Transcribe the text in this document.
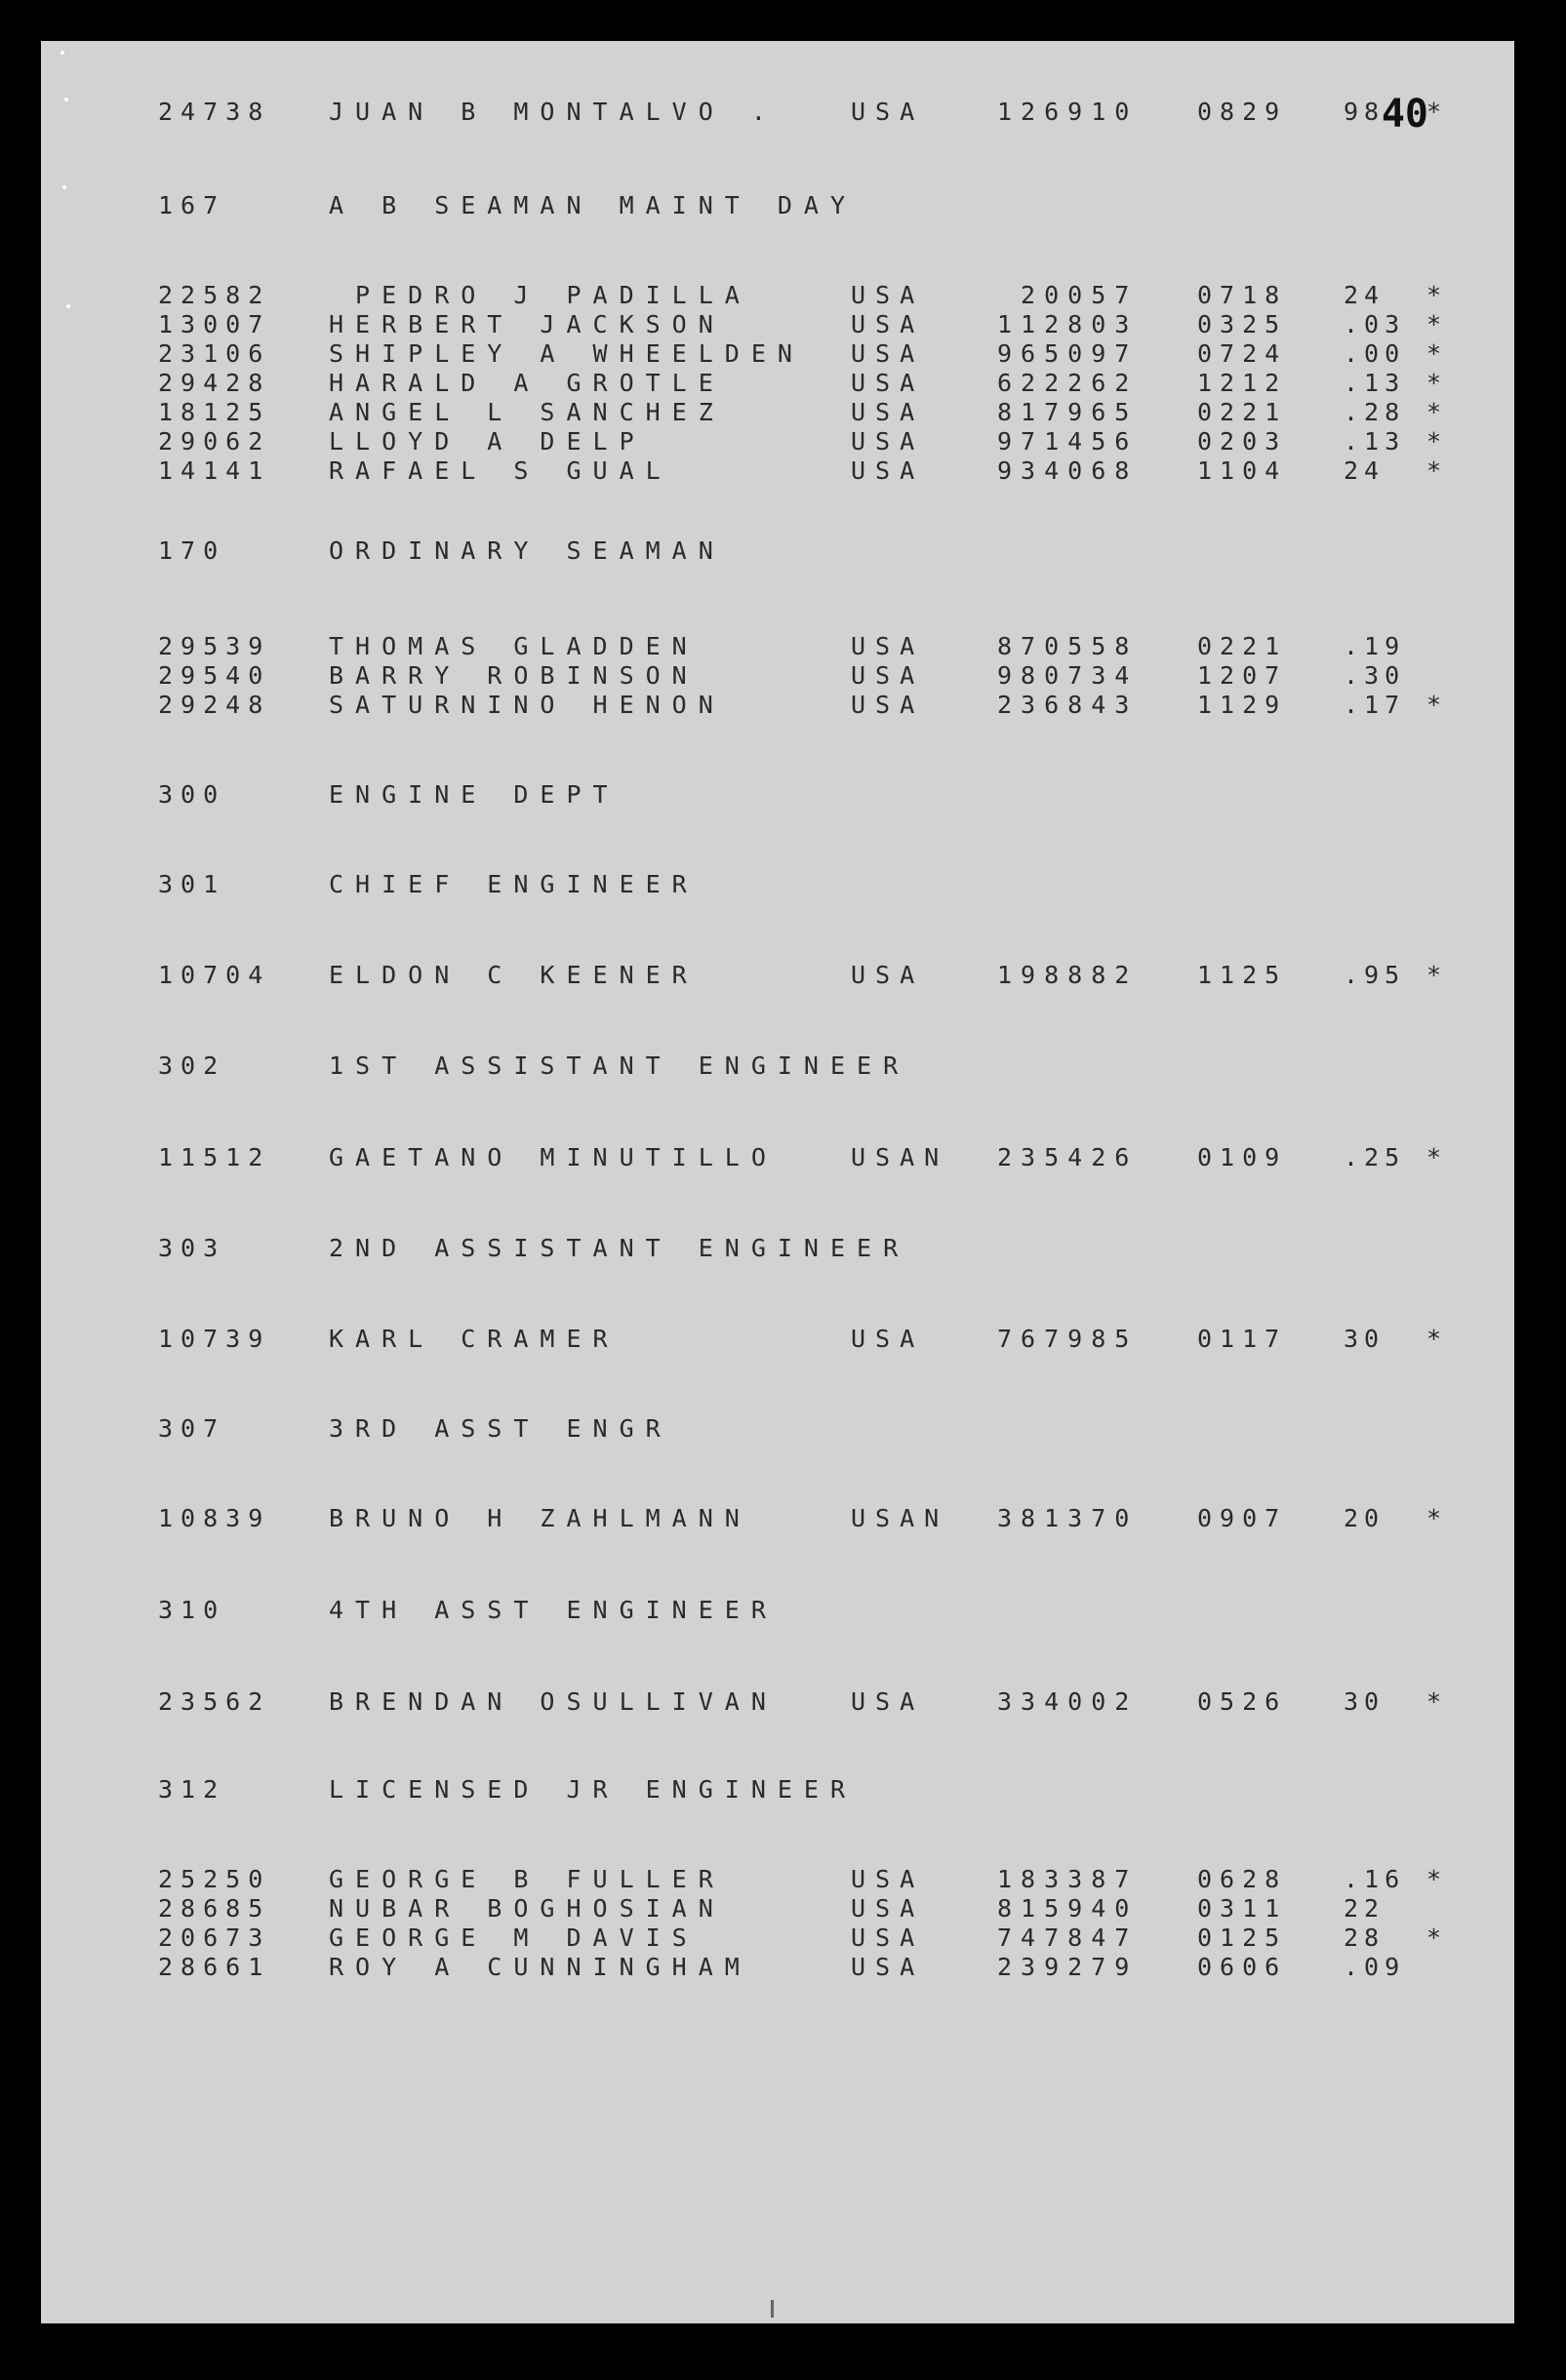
40
24738 JUAN B MONTALVO .	USA	126910 0829 98 *
167	A B SEAMAN MAINT DAY
22582 PEDRO J PADILLA	USA	20057 0718 24 *
13007 HERBERT JACKSON	USA	112803 0325 .03 *
23106 SHIPLEY A WHEELDEN USA	965097 0724 .00 *
29428 HARALD A GROTLE	USA	622262 1212 .13 *
18125 ANGEL L SANCHEZ	USA	817965 0221 .28 *
29062 LLOYD A DELP	USA	971456 0203 .13 *
14141 RAFAEL S GUAL	USA	934068 1104 24 *
170	ORDINARY SEAMAN
29539 THOMAS GLADDEN	USA	870558 0221 .19
29540 BARRY ROBINSON	USA	980734 1207 .30
29248 SATURNINO HENON	USA	236843 1129 .17 *
300	ENGINE DEPT
301	CHIEF ENGINEER
10704 ELDON C KEENER	USA	198882 1125 .95 *
302	1ST ASSISTANT ENGINEER
11512 GAETANO MINUTILLO	USAN 235426 0109 .25 *
303	2ND ASSISTANT ENGINEER
10739 KARL CRAMER	USA	767985 0117 30 *
307	3RD ASST ENGR
10839 BRUNO H ZAHLMANN	USAN 381370 0907 20 *
310	4TH ASST ENGINEER
23562 BRENDAN OSULLIVAN	USA	334002 0526 30 *
312	LICENSED JR ENGINEER
25250 GEORGE B FULLER	USA	183387 0628 .16 *
28685 NUBAR BOGHOSIAN	USA	815940 0311 22
20673 GEORGE M DAVIS	USA	747847 0125 28 *
28661 ROY A CUNNINGHAM	USA	239279 0606 .09
